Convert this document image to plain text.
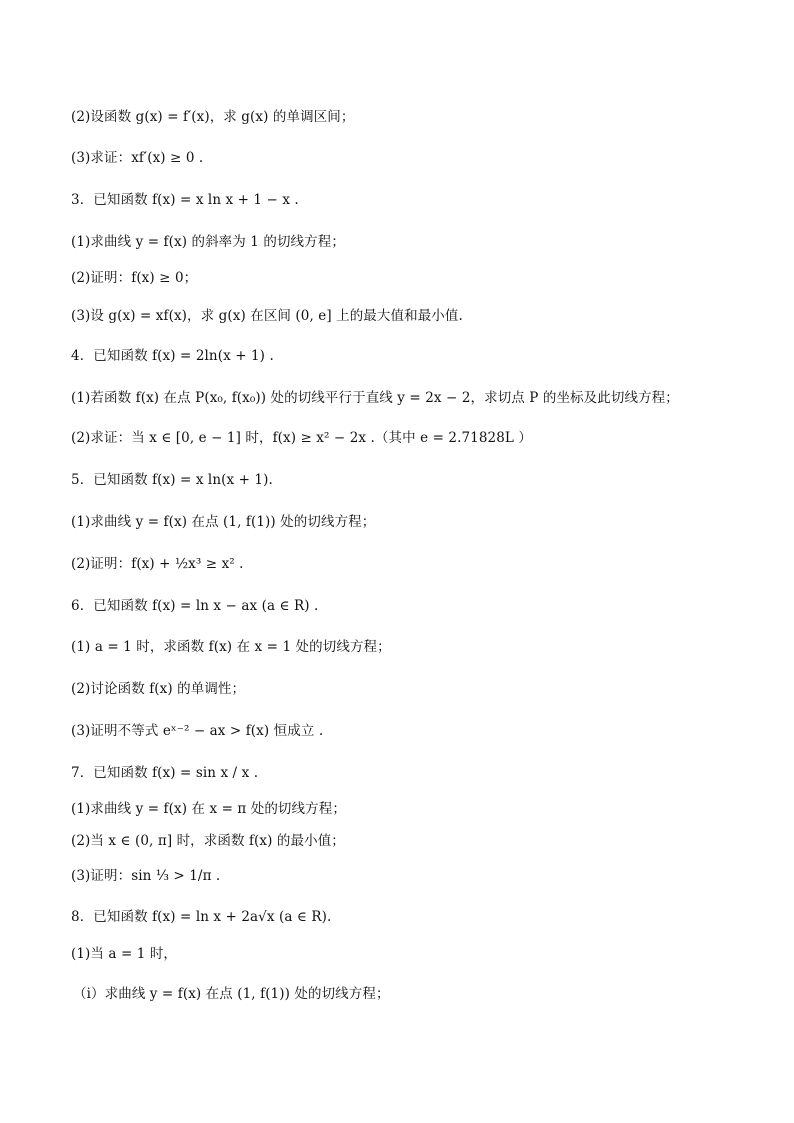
(2)设函数 g(x) = f′(x)，求 g(x) 的单调区间；
(3)求证：xf′(x) ≥ 0 .
3．已知函数 f(x) = x ln x + 1 − x .
(1)求曲线 y = f(x) 的斜率为 1 的切线方程；
(2)证明：f(x) ≥ 0；
(3)设 g(x) = xf(x)，求 g(x) 在区间 (0, e] 上的最大值和最小值.
4．已知函数 f(x) = 2ln(x + 1) .
(1)若函数 f(x) 在点 P(x₀, f(x₀)) 处的切线平行于直线 y = 2x − 2，求切点 P 的坐标及此切线方程；
(2)求证：当 x ∈ [0, e − 1] 时，f(x) ≥ x² − 2x .（其中 e = 2.71828L ）
5．已知函数 f(x) = x ln(x + 1).
(1)求曲线 y = f(x) 在点 (1, f(1)) 处的切线方程；
(2)证明：f(x) + ½x³ ≥ x² .
6．已知函数 f(x) = ln x − ax (a ∈ R) .
(1) a = 1 时，求函数 f(x) 在 x = 1 处的切线方程；
(2)讨论函数 f(x) 的单调性；
(3)证明不等式 eˣ⁻² − ax > f(x) 恒成立 .
7．已知函数 f(x) = sin x / x .
(1)求曲线 y = f(x) 在 x = π 处的切线方程；
(2)当 x ∈ (0, π] 时，求函数 f(x) 的最小值；
(3)证明：sin ⅓ > 1/π .
8．已知函数 f(x) = ln x + 2a√x (a ∈ R).
(1)当 a = 1 时，
（i）求曲线 y = f(x) 在点 (1, f(1)) 处的切线方程；
